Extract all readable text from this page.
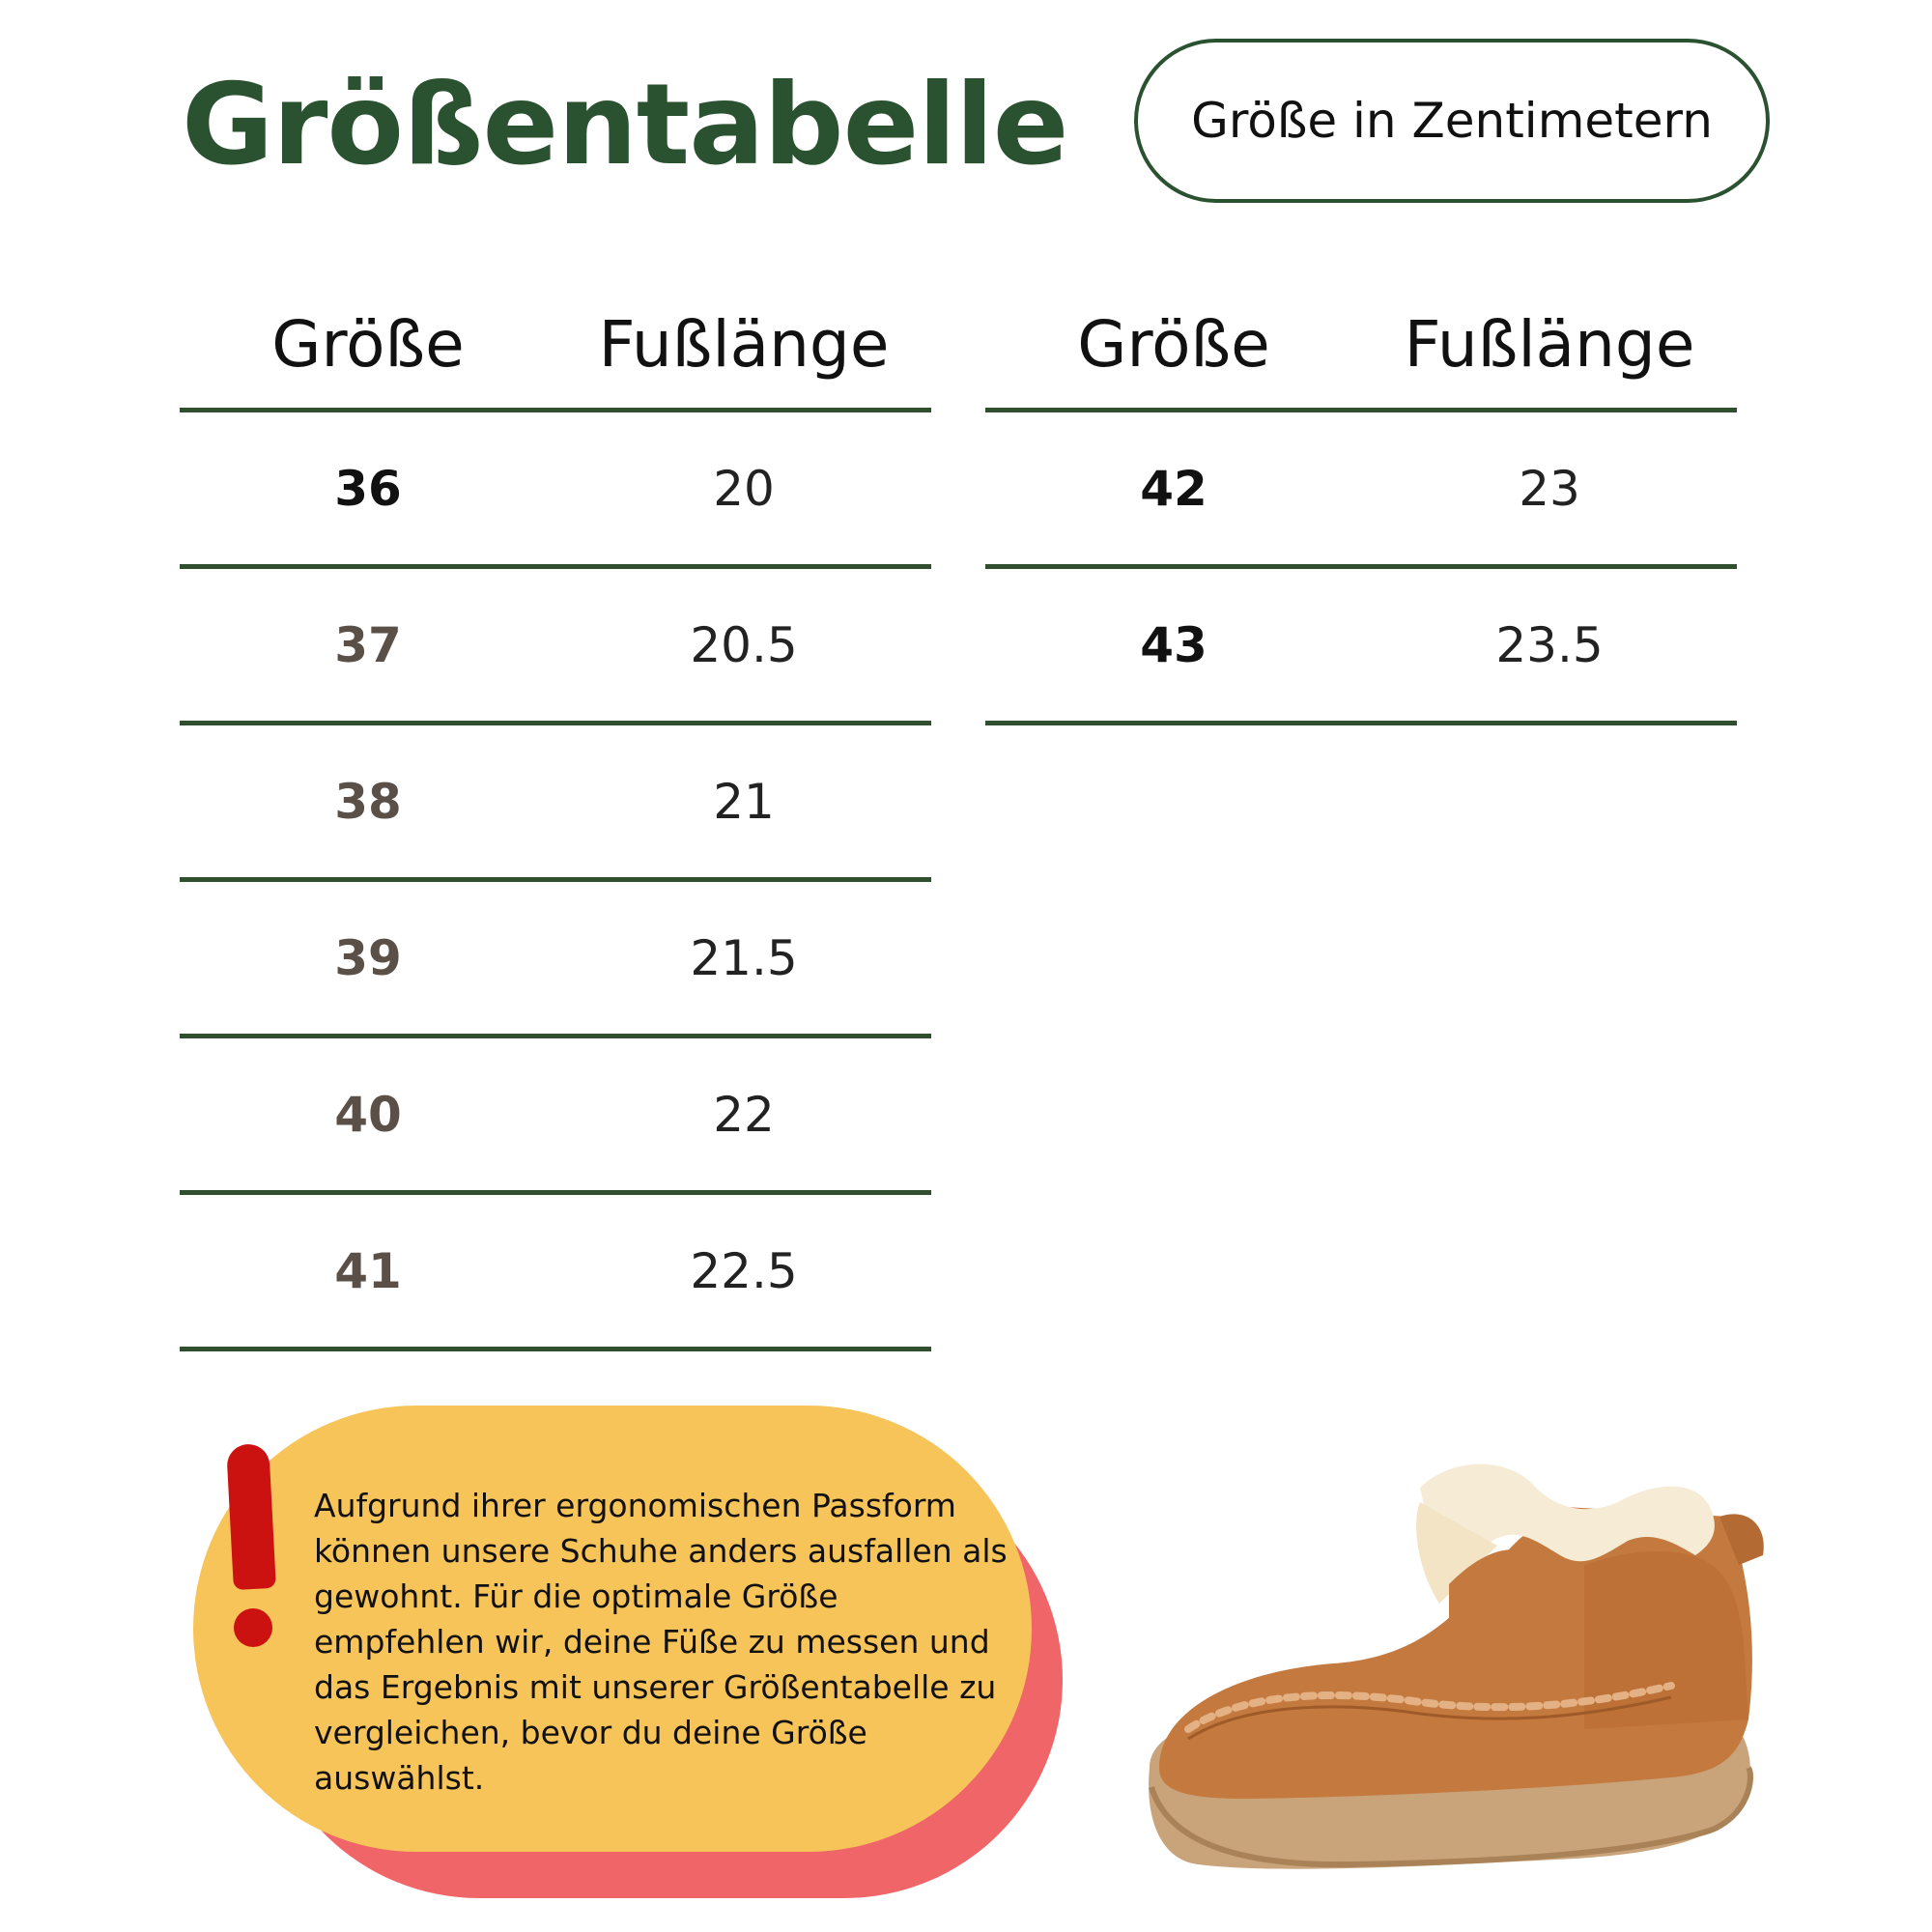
Größentabelle	Größe in Zentimetern
Größe	Fußlänge
36	20
37	20.5
38	21
39	21.5
40	22
41	22.5
Größe	Fußlänge
42	23
43	23.5
Aufgrund ihrer ergonomischen Passform können unsere Schuhe anders ausfallen als gewohnt. Für die optimale Größe empfehlen wir, deine Füße zu messen und das Ergebnis mit unserer Größentabelle zu vergleichen, bevor du deine Größe auswählst.
